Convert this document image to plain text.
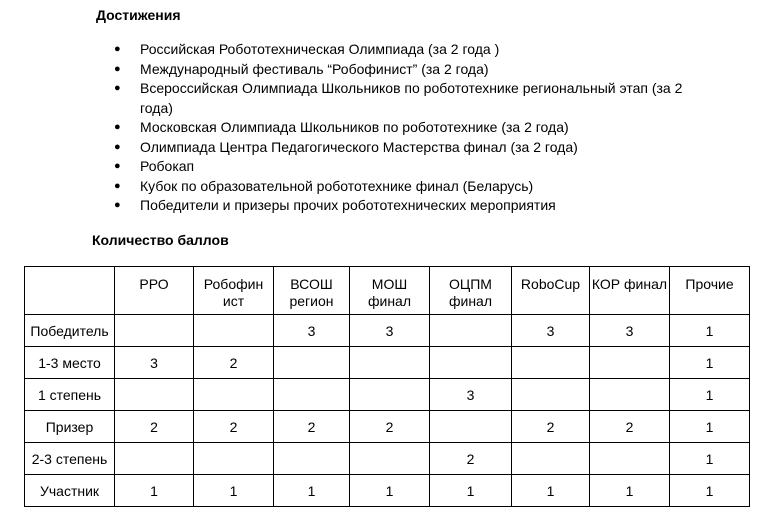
Достижения
● Российская Робототехническая Олимпиада (за 2 года )
● Международный фестиваль “Робофинист” (за 2 года)
● Всероссийская Олимпиада Школьников по робототехнике региональный этап (за 2 года)
● Московская Олимпиада Школьников по робототехнике (за 2 года)
● Олимпиада Центра Педагогического Мастерства финал (за 2 года)
● Робокап
● Кубок по образовательной робототехнике финал (Беларусь)
● Победители и призеры прочих робототехнических мероприятия
Количество баллов
	РРО	Робофин ист	ВСОШ регион	МОШ финал	ОЦПМ финал	RoboCup	КОР финал	Прочие
Победитель			3	3		3	3	1
1-3 место	3	2						1
1 степень					3			1
Призер	2	2	2	2		2	2	1
2-3 степень					2			1
Участник	1	1	1	1	1	1	1	1
